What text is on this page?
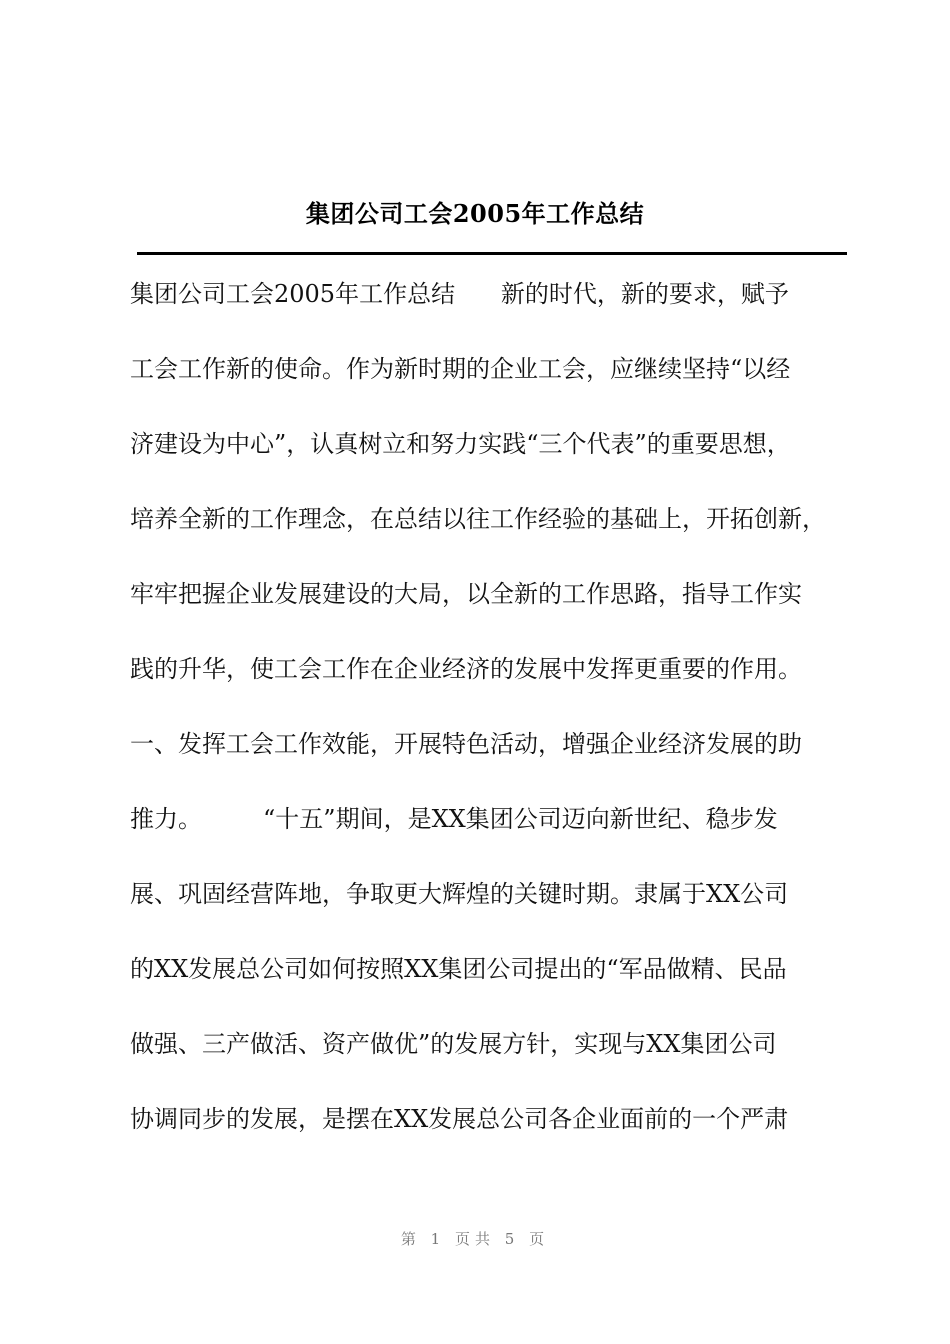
集团公司工会2005年工作总结
集团公司工会2005年工作总结      新的时代，新的要求，赋予
工会工作新的使命。作为新时期的企业工会，应继续坚持“以经
济建设为中心”，认真树立和努力实践“三个代表”的重要思想，
培养全新的工作理念，在总结以往工作经验的基础上，开拓创新，
牢牢把握企业发展建设的大局，以全新的工作思路，指导工作实
践的升华，使工会工作在企业经济的发展中发挥更重要的作用。
一、发挥工会工作效能，开展特色活动，增强企业经济发展的助
推力。        “十五”期间，是XX集团公司迈向新世纪、稳步发
展、巩固经营阵地，争取更大辉煌的关键时期。隶属于XX公司
的XX发展总公司如何按照XX集团公司提出的“军品做精、民品
做强、三产做活、资产做优”的发展方针，实现与XX集团公司
协调同步的发展，是摆在XX发展总公司各企业面前的一个严肃
第 1 页共 5 页
